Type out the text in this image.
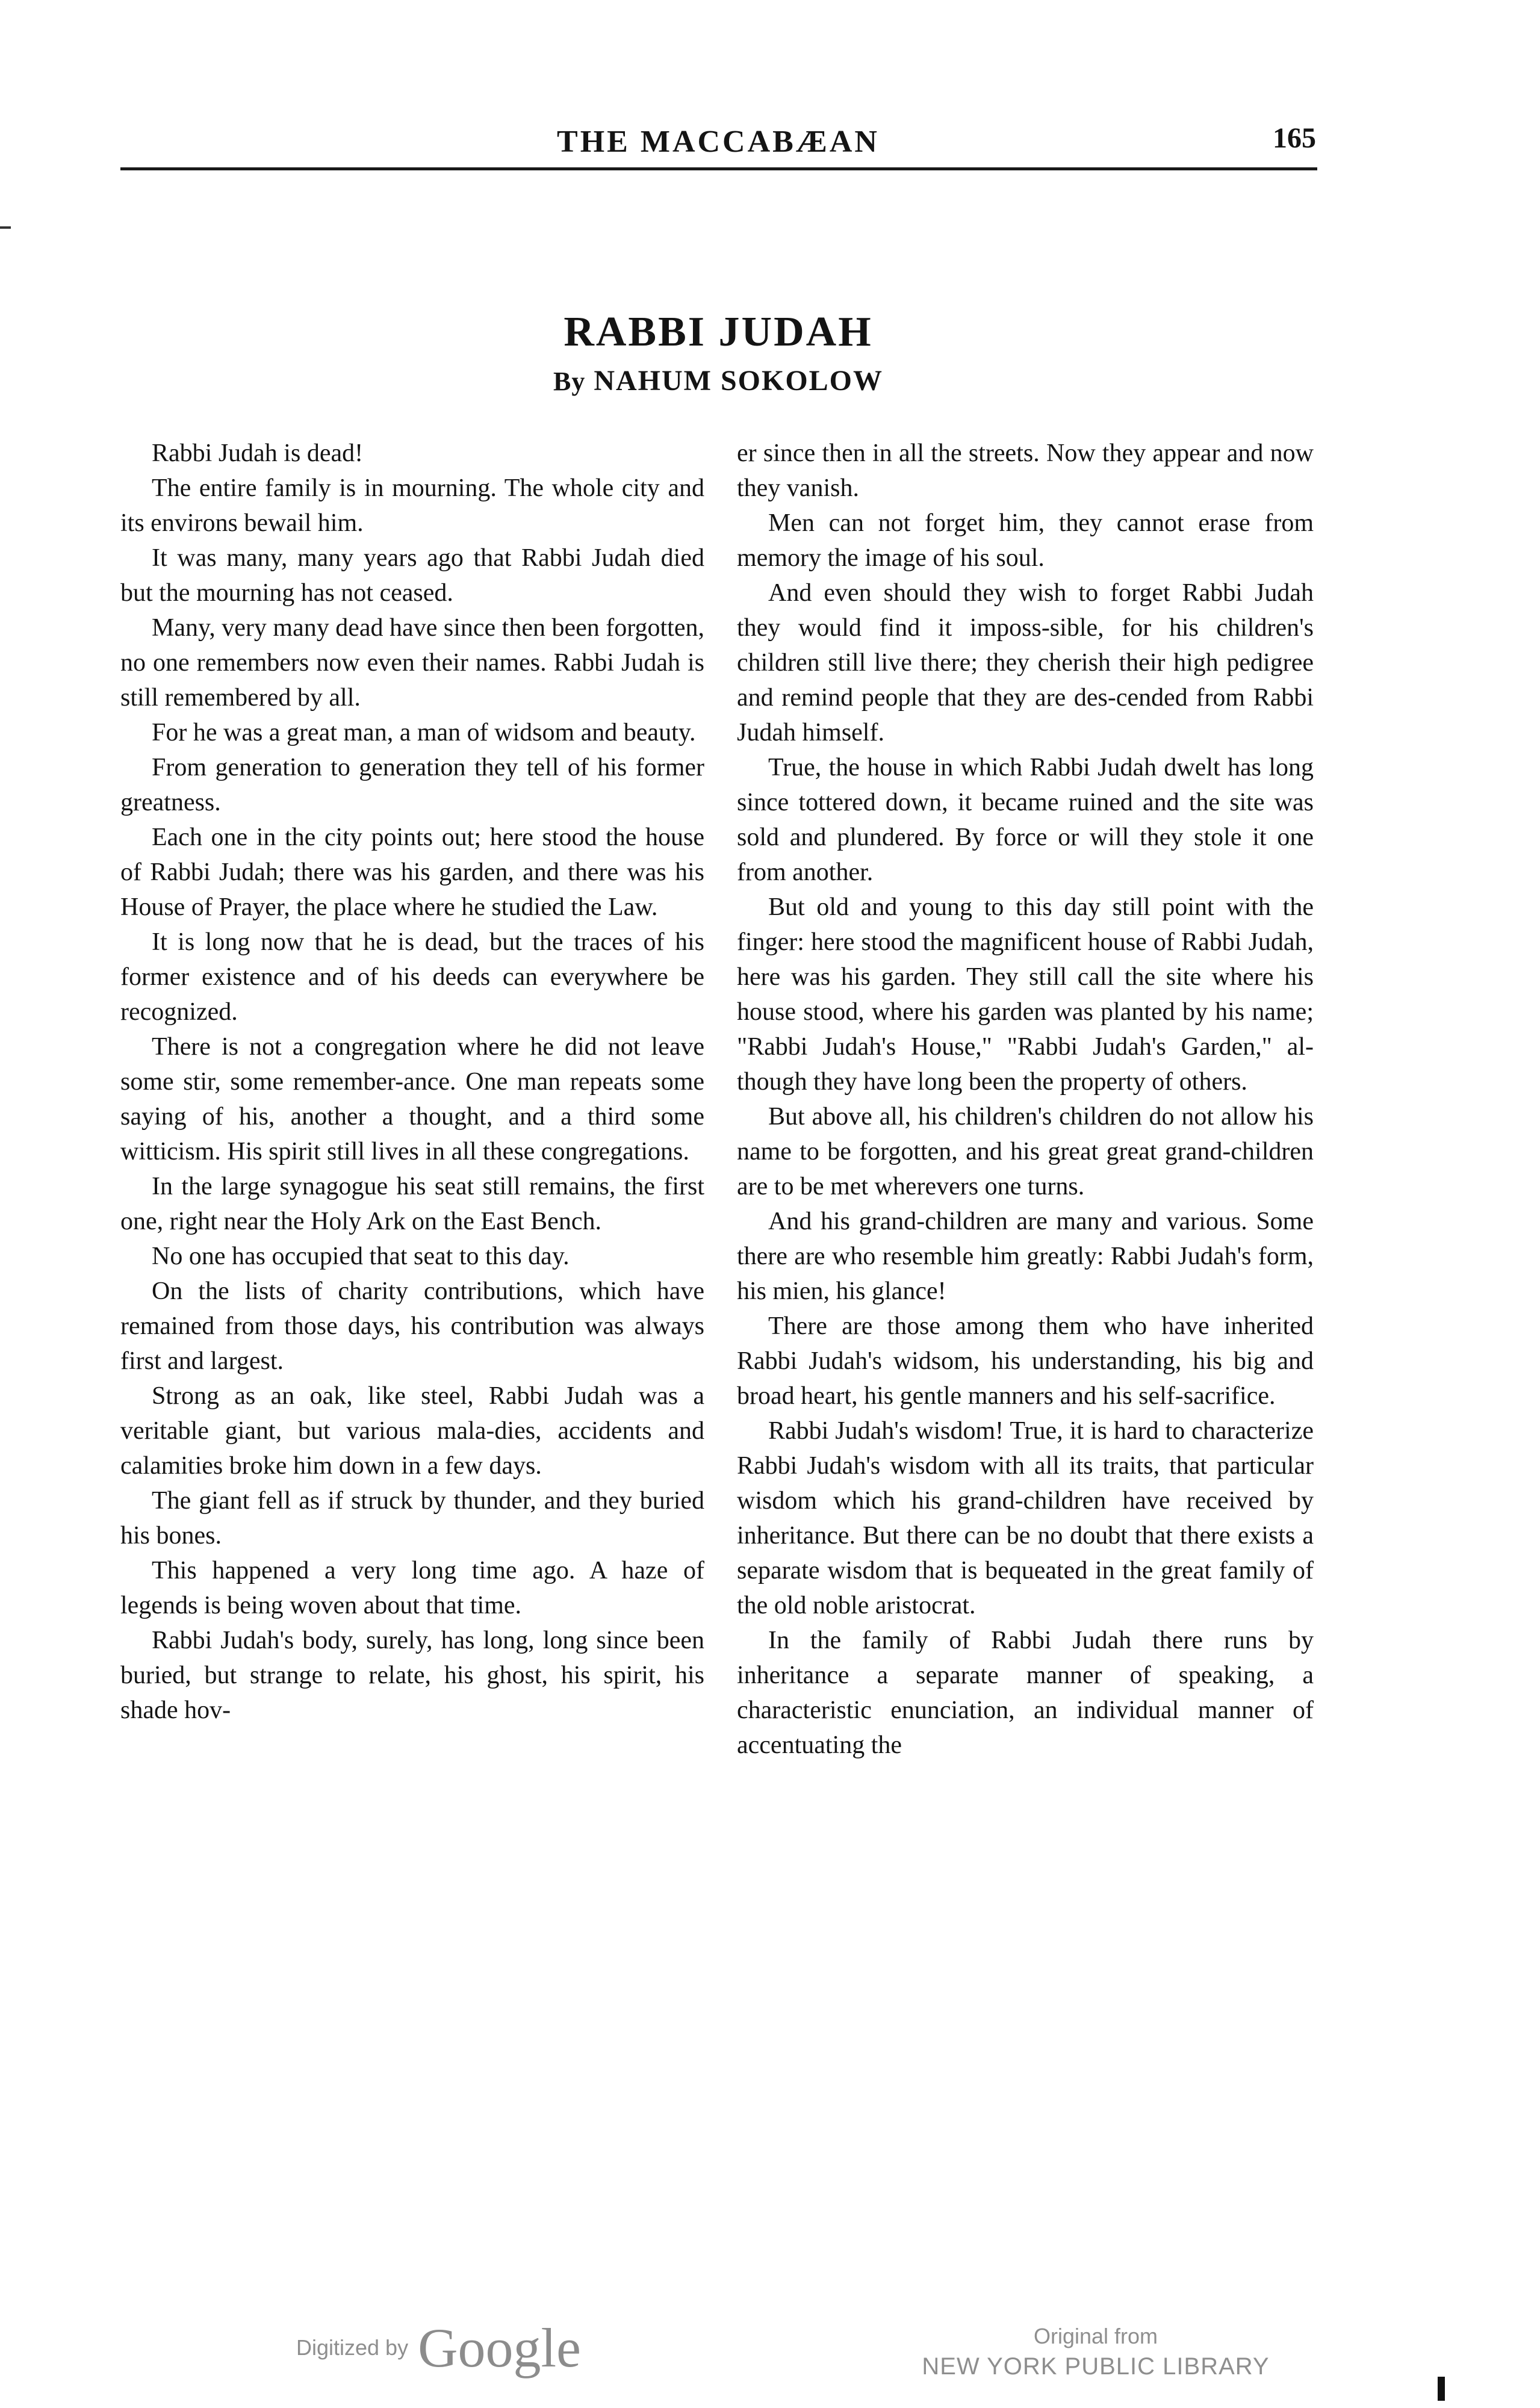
THE MACCABÆAN	165
RABBI JUDAH
By NAHUM SOKOLOW

Rabbi Judah is dead!

The entire family is in mourning. The whole city and its environs bewail him.

It was many, many years ago that Rabbi Judah died but the mourning has not ceased.

Many, very many dead have since then been forgotten, no one remembers now even their names. Rabbi Judah is still remembered by all.

For he was a great man, a man of widsom and beauty.

From generation to generation they tell of his former greatness.

Each one in the city points out; here stood the house of Rabbi Judah; there was his garden, and there was his House of Prayer, the place where he studied the Law.

It is long now that he is dead, but the traces of his former existence and of his deeds can everywhere be recognized.

There is not a congregation where he did not leave some stir, some remember-ance. One man repeats some saying of his, another a thought, and a third some witticism. His spirit still lives in all these congregations.

In the large synagogue his seat still remains, the first one, right near the Holy Ark on the East Bench.

No one has occupied that seat to this day.

On the lists of charity contributions, which have remained from those days, his contribution was always first and largest.

Strong as an oak, like steel, Rabbi Judah was a veritable giant, but various mala-dies, accidents and calamities broke him down in a few days.

The giant fell as if struck by thunder, and they buried his bones.

This happened a very long time ago. A haze of legends is being woven about that time.

Rabbi Judah's body, surely, has long, long since been buried, but strange to relate, his ghost, his spirit, his shade hov-

er since then in all the streets. Now they appear and now they vanish.

Men can not forget him, they cannot erase from memory the image of his soul.

And even should they wish to forget Rabbi Judah they would find it imposs-sible, for his children's children still live there; they cherish their high pedigree and remind people that they are des-cended from Rabbi Judah himself.

True, the house in which Rabbi Judah dwelt has long since tottered down, it became ruined and the site was sold and plundered. By force or will they stole it one from another.

But old and young to this day still point with the finger: here stood the magnificent house of Rabbi Judah, here was his garden. They still call the site where his house stood, where his garden was planted by his name; "Rabbi Judah's House," "Rabbi Judah's Garden," al-though they have long been the property of others.

But above all, his children's children do not allow his name to be forgotten, and his great great grand-children are to be met wherevers one turns.

And his grand-children are many and various. Some there are who resemble him greatly: Rabbi Judah's form, his mien, his glance!

There are those among them who have inherited Rabbi Judah's widsom, his understanding, his big and broad heart, his gentle manners and his self-sacrifice.

Rabbi Judah's wisdom! True, it is hard to characterize Rabbi Judah's wisdom with all its traits, that particular wisdom which his grand-children have received by inheritance. But there can be no doubt that there exists a separate wisdom that is bequeated in the great family of the old noble aristocrat.

In the family of Rabbi Judah there runs by inheritance a separate manner of speaking, a characteristic enunciation, an individual manner of accentuating the

Digitized by Google	Original from
NEW YORK PUBLIC LIBRARY
